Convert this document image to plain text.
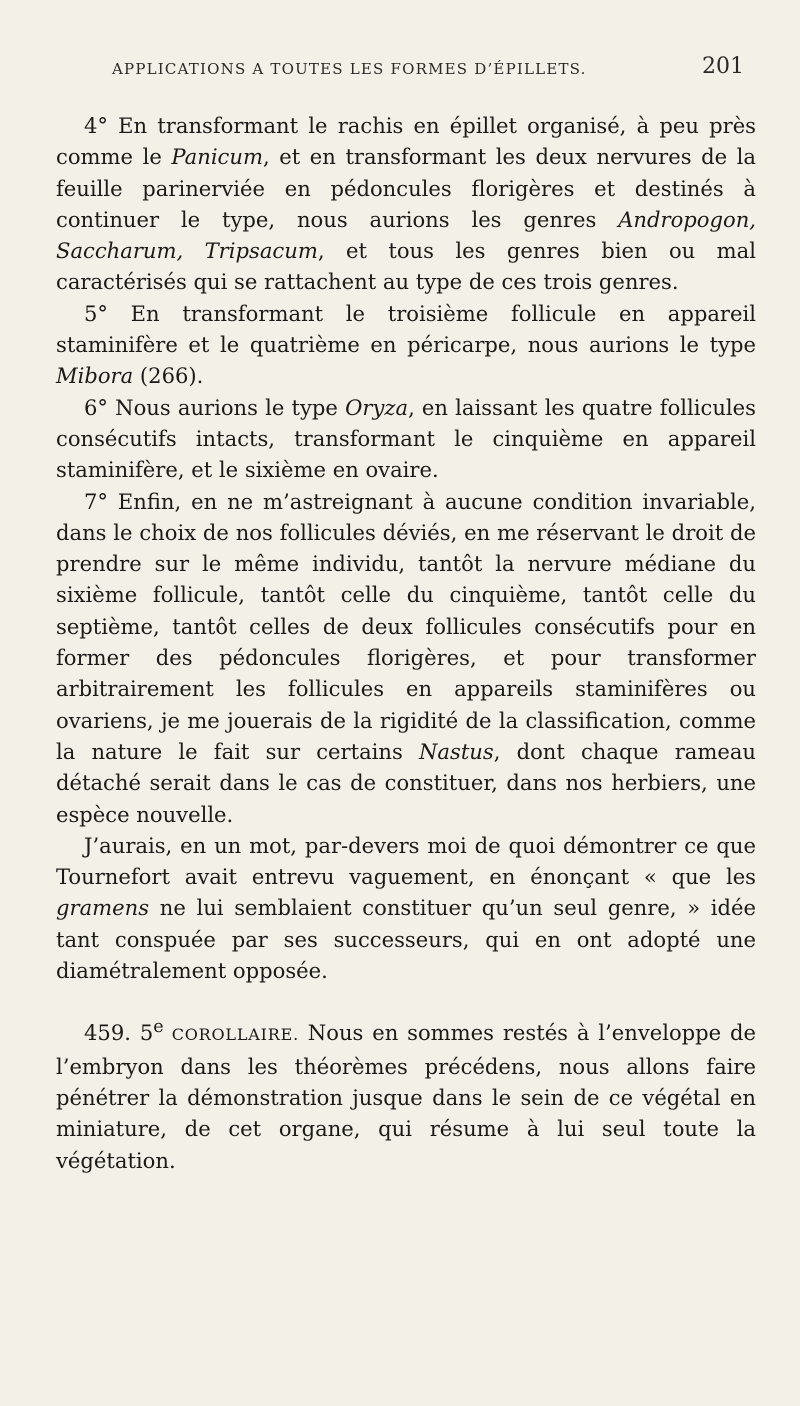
APPLICATIONS A TOUTES LES FORMES D’ÉPILLETS.	201

4° En transformant le rachis en épillet organisé, à peu près comme le Panicum, et en transformant les deux nervures de la feuille parinerviée en pédoncules florigères et destinés à continuer le type, nous aurions les genres Andropogon, Saccharum, Tripsacum, et tous les genres bien ou mal caractérisés qui se rattachent au type de ces trois genres.

5° En transformant le troisième follicule en appareil staminifère et le quatrième en péricarpe, nous aurions le type Mibora (266).

6° Nous aurions le type Oryza, en laissant les quatre follicules consécutifs intacts, transformant le cinquième en appareil staminifère, et le sixième en ovaire.

7° Enfin, en ne m’astreignant à aucune condition invariable, dans le choix de nos follicules déviés, en me réservant le droit de prendre sur le même individu, tantôt la nervure médiane du sixième follicule, tantôt celle du cinquième, tantôt celle du septième, tantôt celles de deux follicules consécutifs pour en former des pédoncules florigères, et pour transformer arbitrairement les follicules en appareils staminifères ou ovariens, je me jouerais de la rigidité de la classification, comme la nature le fait sur certains Nastus, dont chaque rameau détaché serait dans le cas de constituer, dans nos herbiers, une espèce nouvelle.

J’aurais, en un mot, par-devers moi de quoi démontrer ce que Tournefort avait entrevu vaguement, en énonçant « que les gramens ne lui semblaient constituer qu’un seul genre, » idée tant conspuée par ses successeurs, qui en ont adopté une diamétralement opposée.

459. 5e COROLLAIRE. Nous en sommes restés à l’enveloppe de l’embryon dans les théorèmes précédens, nous allons faire pénétrer la démonstration jusque dans le sein de ce végétal en miniature, de cet organe, qui résume à lui seul toute la végétation.
